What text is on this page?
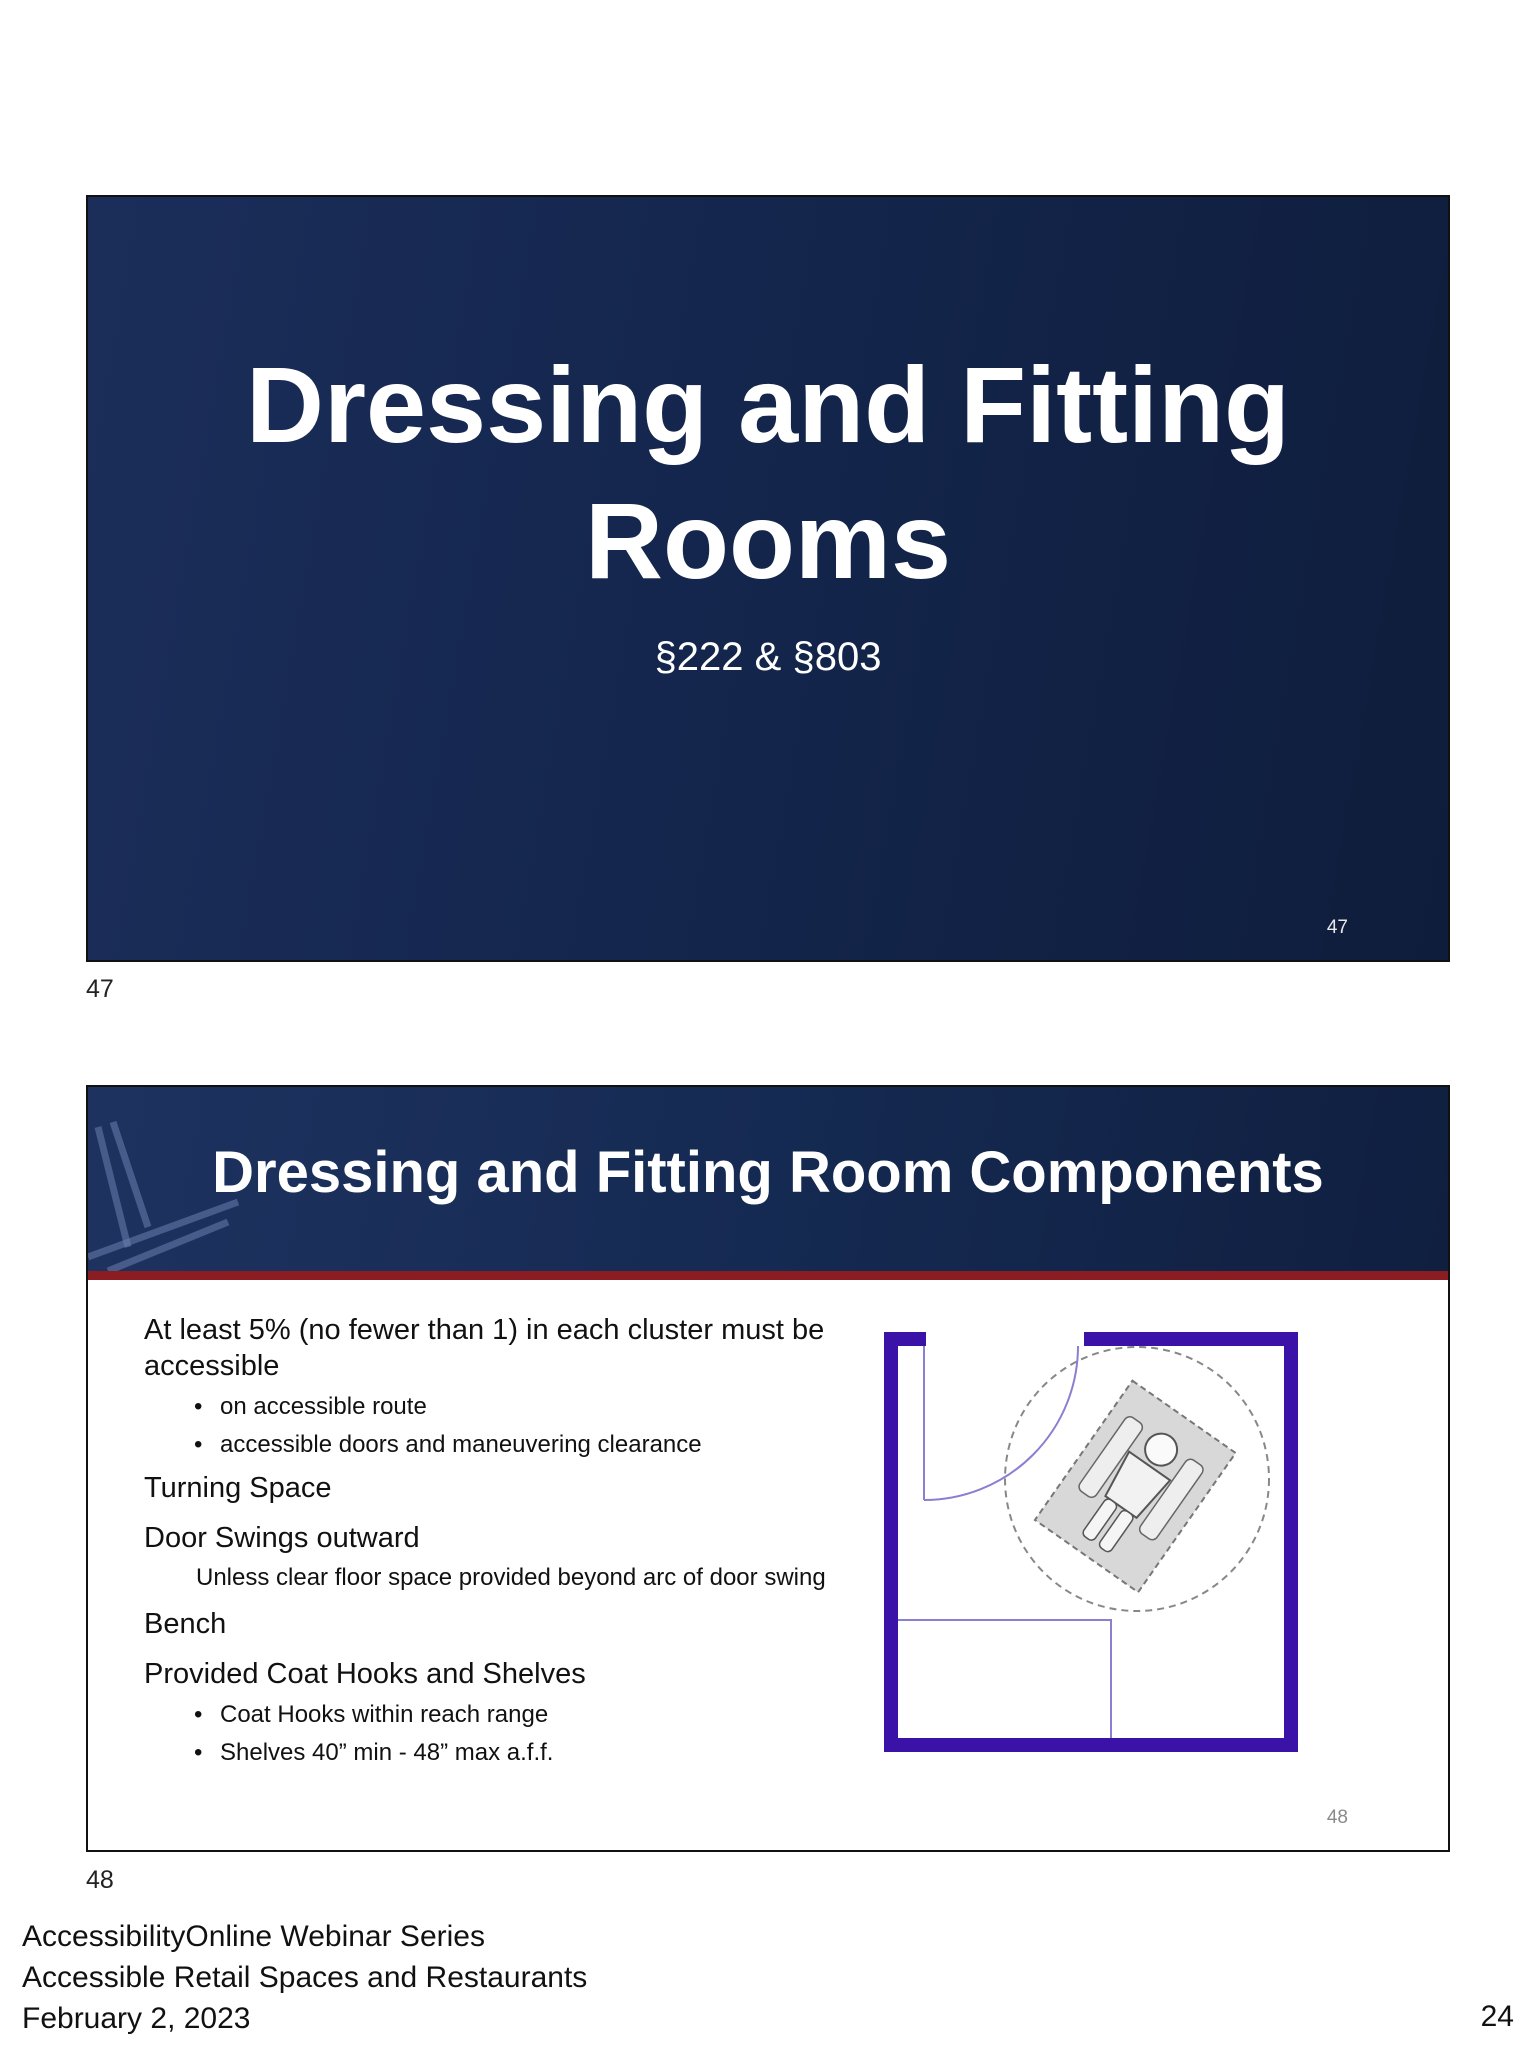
Dressing and Fitting Rooms
§222 & §803
47
47
Dressing and Fitting Room Components

At least 5% (no fewer than 1) in each cluster must be accessible

• on accessible route
• accessible doors and maneuvering clearance

Turning Space

Door Swings outward

Unless clear floor space provided beyond arc of door swing

Bench

Provided Coat Hooks and Shelves

• Coat Hooks within reach range
• Shelves 40” min - 48” max a.f.f.
48
48
AccessibilityOnline Webinar Series
Accessible Retail Spaces and Restaurants
February 2, 2023	24
